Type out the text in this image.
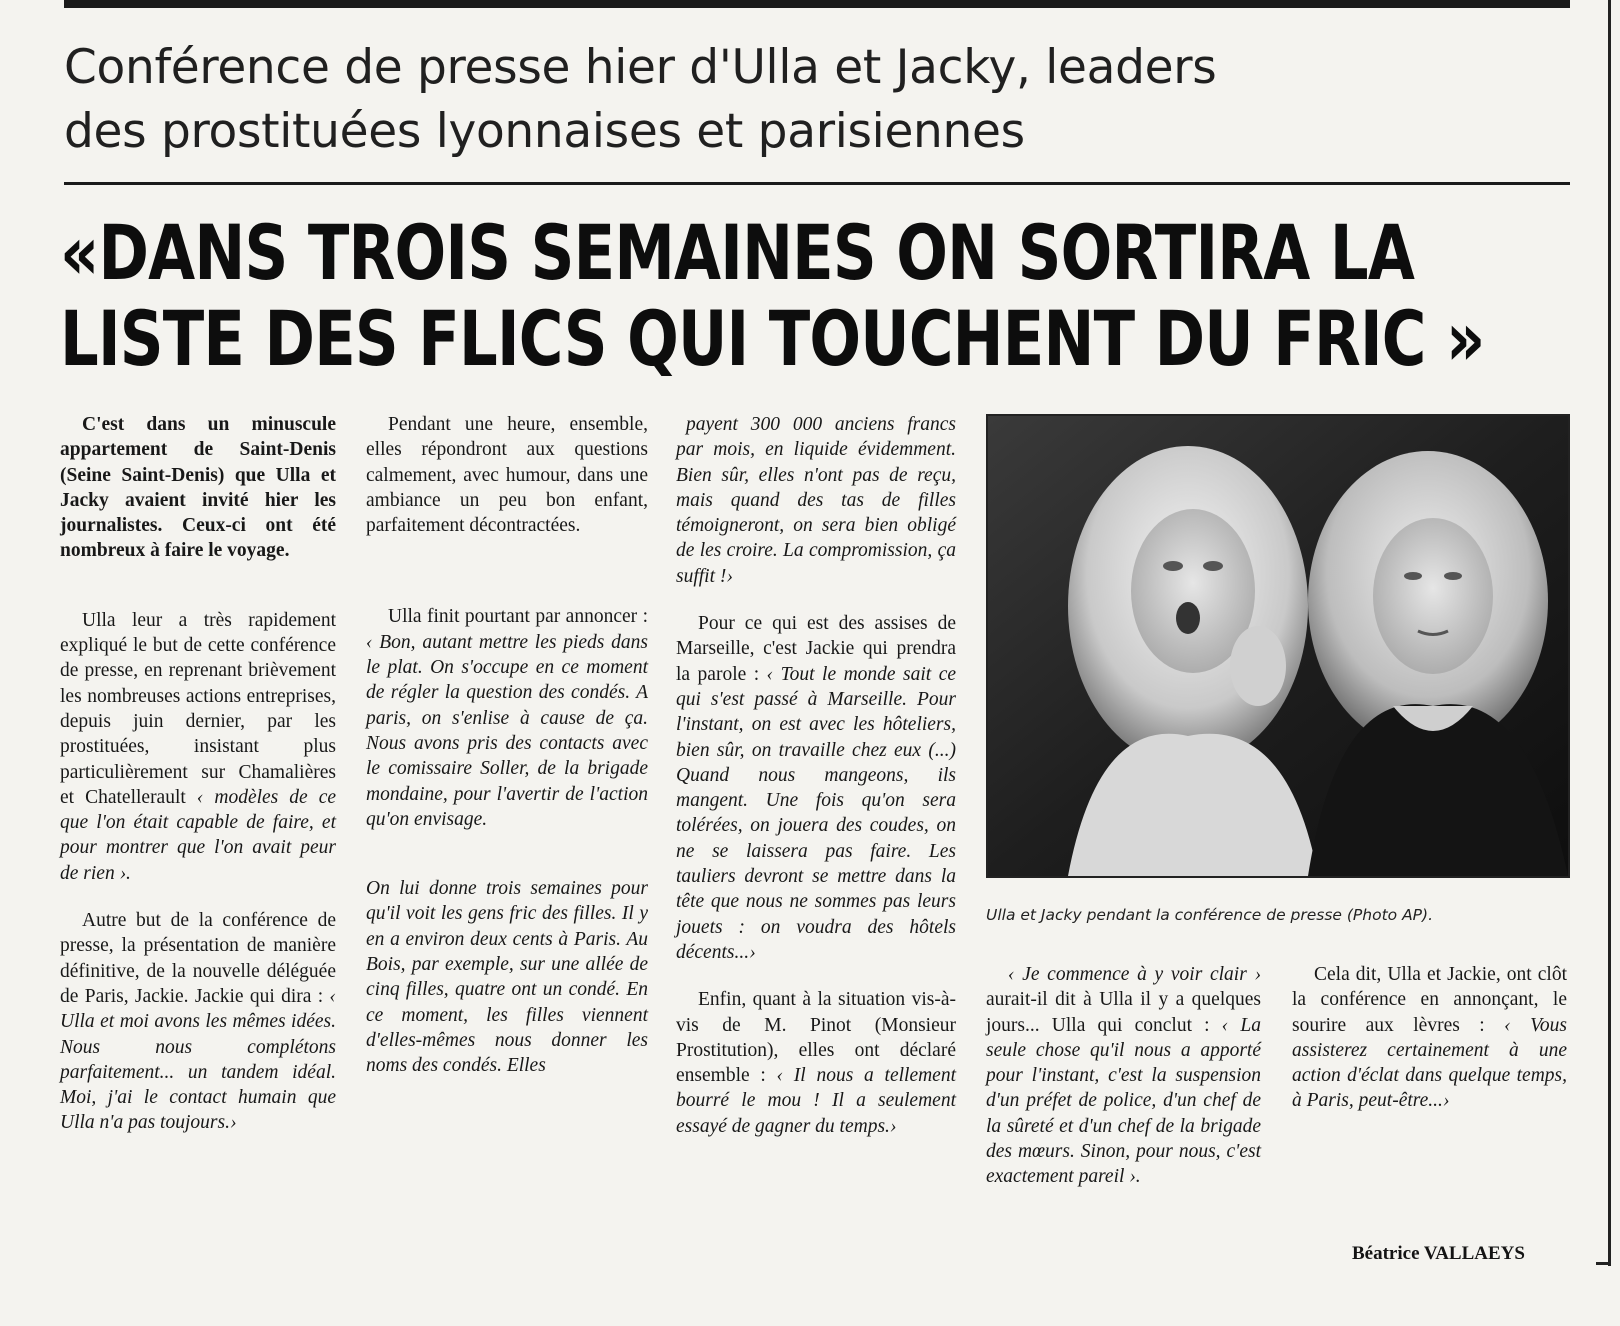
Conférence de presse hier d'Ulla et Jacky, leaders
des prostituées lyonnaises et parisiennes
«DANS TROIS SEMAINES ON SORTIRA LA
LISTE DES FLICS QUI TOUCHENT DU FRIC »

C'est dans un minuscule appartement de Saint-Denis (Seine Saint-Denis) que Ulla et Jacky avaient invité hier les journalistes. Ceux-ci ont été nombreux à faire le voyage.

Ulla leur a très rapidement expliqué le but de cette conférence de presse, en reprenant brièvement les nombreuses actions entreprises, depuis juin dernier, par les prostituées, insistant plus particulièrement sur Chamalières et Chatellerault ‹ modèles de ce que l'on était capable de faire, et pour montrer que l'on avait peur de rien ›.

Autre but de la conférence de presse, la présentation de manière définitive, de la nouvelle déléguée de Paris, Jackie. Jackie qui dira : ‹ Ulla et moi avons les mêmes idées. Nous nous complétons parfaitement... un tandem idéal. Moi, j'ai le contact humain que Ulla n'a pas toujours.›

Pendant une heure, ensemble, elles répondront aux questions calmement, avec humour, dans une ambiance un peu bon enfant, parfaitement décontractées.

Ulla finit pourtant par annoncer : ‹ Bon, autant mettre les pieds dans le plat. On s'occupe en ce moment de régler la question des condés. A paris, on s'enlise à cause de ça. Nous avons pris des contacts avec le comissaire Soller, de la brigade mondaine, pour l'avertir de l'action qu'on envisage.

On lui donne trois semaines pour qu'il voit les gens fric des filles. Il y en a environ deux cents à Paris. Au Bois, par exemple, sur une allée de cinq filles, quatre ont un condé. En ce moment, les filles viennent d'elles-mêmes nous donner les noms des condés. Elles

payent 300 000 anciens francs par mois, en liquide évidemment. Bien sûr, elles n'ont pas de reçu, mais quand des tas de filles témoigneront, on sera bien obligé de les croire. La compromission, ça suffit !›

Pour ce qui est des assises de Marseille, c'est Jackie qui prendra la parole : ‹ Tout le monde sait ce qui s'est passé à Marseille. Pour l'instant, on est avec les hôteliers, bien sûr, on travaille chez eux (...) Quand nous mangeons, ils mangent. Une fois qu'on sera tolérées, on jouera des coudes, on ne se laissera pas faire. Les tauliers devront se mettre dans la tête que nous ne sommes pas leurs jouets : on voudra des hôtels décents...›

Enfin, quant à la situation vis-à-vis de M. Pinot (Monsieur Prostitution), elles ont déclaré ensemble : ‹ Il nous a tellement bourré le mou ! Il a seulement essayé de gagner du temps.›

Ulla et Jacky pendant la conférence de presse (Photo AP).

‹ Je commence à y voir clair › aurait-il dit à Ulla il y a quelques jours... Ulla qui conclut : ‹ La seule chose qu'il nous a apporté pour l'instant, c'est la suspension d'un préfet de police, d'un chef de la sûreté et d'un chef de la brigade des mœurs. Sinon, pour nous, c'est exactement pareil ›.

Cela dit, Ulla et Jackie, ont clôt la conférence en annonçant, le sourire aux lèvres : ‹ Vous assisterez certainement à une action d'éclat dans quelque temps, à Paris, peut-être...›

Béatrice VALLAEYS
